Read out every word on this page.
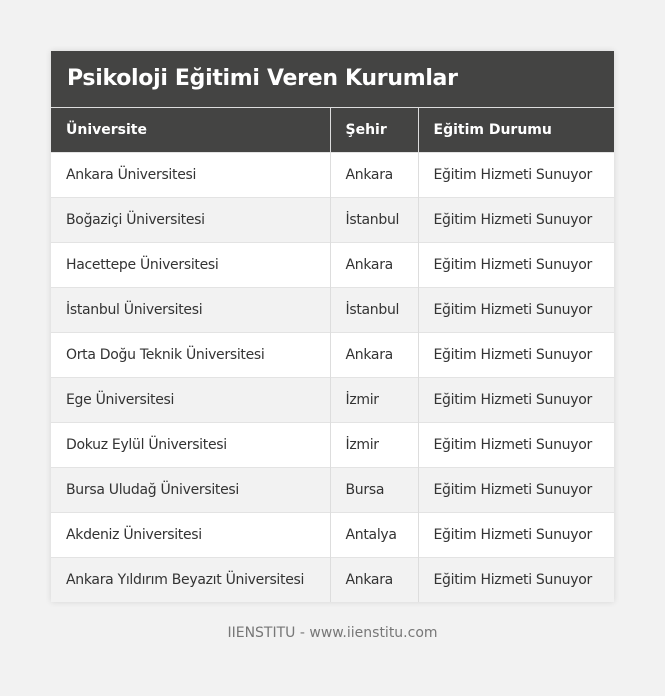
Psikoloji Eğitimi Veren Kurumlar
Üniversite	Şehir	Eğitim Durumu
Ankara Üniversitesi	Ankara	Eğitim Hizmeti Sunuyor
Boğaziçi Üniversitesi	İstanbul	Eğitim Hizmeti Sunuyor
Hacettepe Üniversitesi	Ankara	Eğitim Hizmeti Sunuyor
İstanbul Üniversitesi	İstanbul	Eğitim Hizmeti Sunuyor
Orta Doğu Teknik Üniversitesi	Ankara	Eğitim Hizmeti Sunuyor
Ege Üniversitesi	İzmir	Eğitim Hizmeti Sunuyor
Dokuz Eylül Üniversitesi	İzmir	Eğitim Hizmeti Sunuyor
Bursa Uludağ Üniversitesi	Bursa	Eğitim Hizmeti Sunuyor
Akdeniz Üniversitesi	Antalya	Eğitim Hizmeti Sunuyor
Ankara Yıldırım Beyazıt Üniversitesi	Ankara	Eğitim Hizmeti Sunuyor
IIENSTITU - www.iienstitu.com
